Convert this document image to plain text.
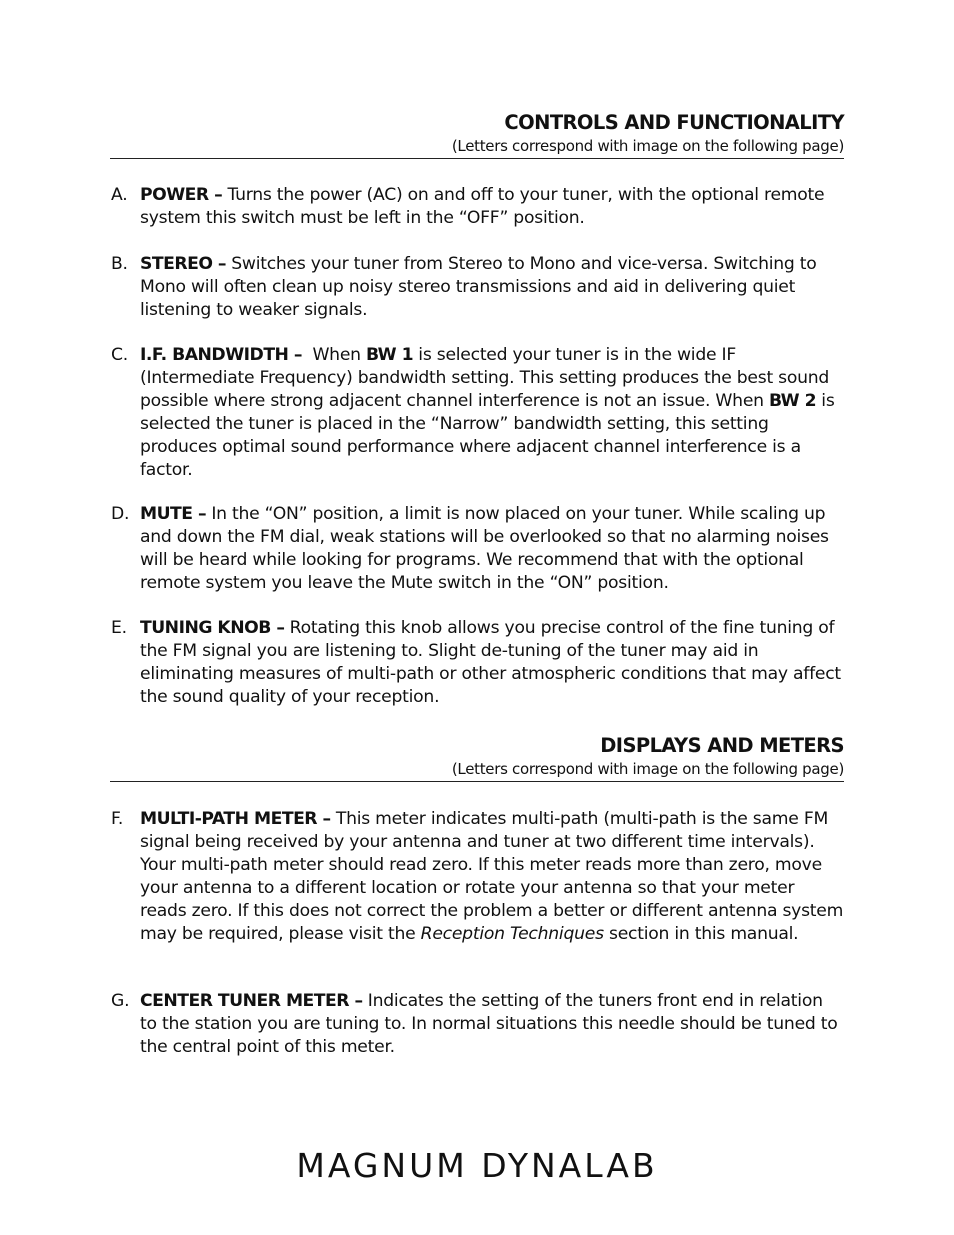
CONTROLS AND FUNCTIONALITY
(Letters correspond with image on the following page)
A. POWER – Turns the power (AC) on and off to your tuner, with the optional remote system this switch must be left in the “OFF” position.
B. STEREO – Switches your tuner from Stereo to Mono and vice-versa. Switching to Mono will often clean up noisy stereo transmissions and aid in delivering quiet listening to weaker signals.
C. I.F. BANDWIDTH –  When BW 1 is selected your tuner is in the wide IF (Intermediate Frequency) bandwidth setting. This setting produces the best sound possible where strong adjacent channel interference is not an issue. When BW 2 is selected the tuner is placed in the “Narrow” bandwidth setting, this setting produces optimal sound performance where adjacent channel interference is a factor.
D. MUTE – In the “ON” position, a limit is now placed on your tuner. While scaling up and down the FM dial, weak stations will be overlooked so that no alarming noises will be heard while looking for programs. We recommend that with the optional remote system you leave the Mute switch in the “ON” position.
E. TUNING KNOB – Rotating this knob allows you precise control of the fine tuning of the FM signal you are listening to. Slight de-tuning of the tuner may aid in eliminating measures of multi-path or other atmospheric conditions that may affect the sound quality of your reception.
DISPLAYS AND METERS
(Letters correspond with image on the following page)
F. MULTI-PATH METER – This meter indicates multi-path (multi-path is the same FM signal being received by your antenna and tuner at two different time intervals). Your multi-path meter should read zero. If this meter reads more than zero, move your antenna to a different location or rotate your antenna so that your meter reads zero. If this does not correct the problem a better or different antenna system may be required, please visit the Reception Techniques section in this manual.
G. CENTER TUNER METER – Indicates the setting of the tuners front end in relation to the station you are tuning to. In normal situations this needle should be tuned to the central point of this meter.
MAGNUM DYNALAB
